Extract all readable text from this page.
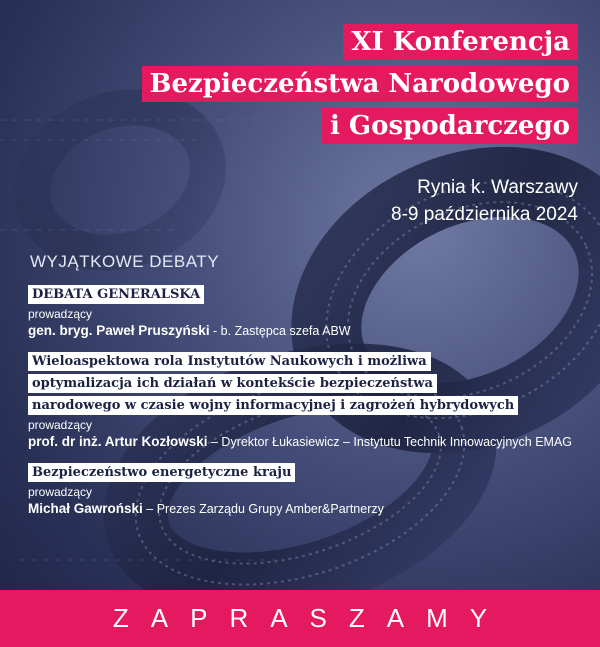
XI Konferencja
Bezpieczeństwa Narodowego
i Gospodarczego
Rynia k. Warszawy
8-9 października 2024
WYJĄTKOWE DEBATY
DEBATA GENERALSKA
prowadzący
gen. bryg. Paweł Pruszyński - b. Zastępca szefa ABW
Wieloaspektowa rola Instytutów Naukowych i możliwa
optymalizacja ich działań w kontekście bezpieczeństwa
narodowego w czasie wojny informacyjnej i zagrożeń hybrydowych
prowadzący
prof. dr inż. Artur Kozłowski – Dyrektor Łukasiewicz – Instytutu Technik Innowacyjnych EMAG
Bezpieczeństwo energetyczne kraju
prowadzący
Michał Gawroński – Prezes Zarządu Grupy Amber&Partnerzy
ZAPRASZAMY
